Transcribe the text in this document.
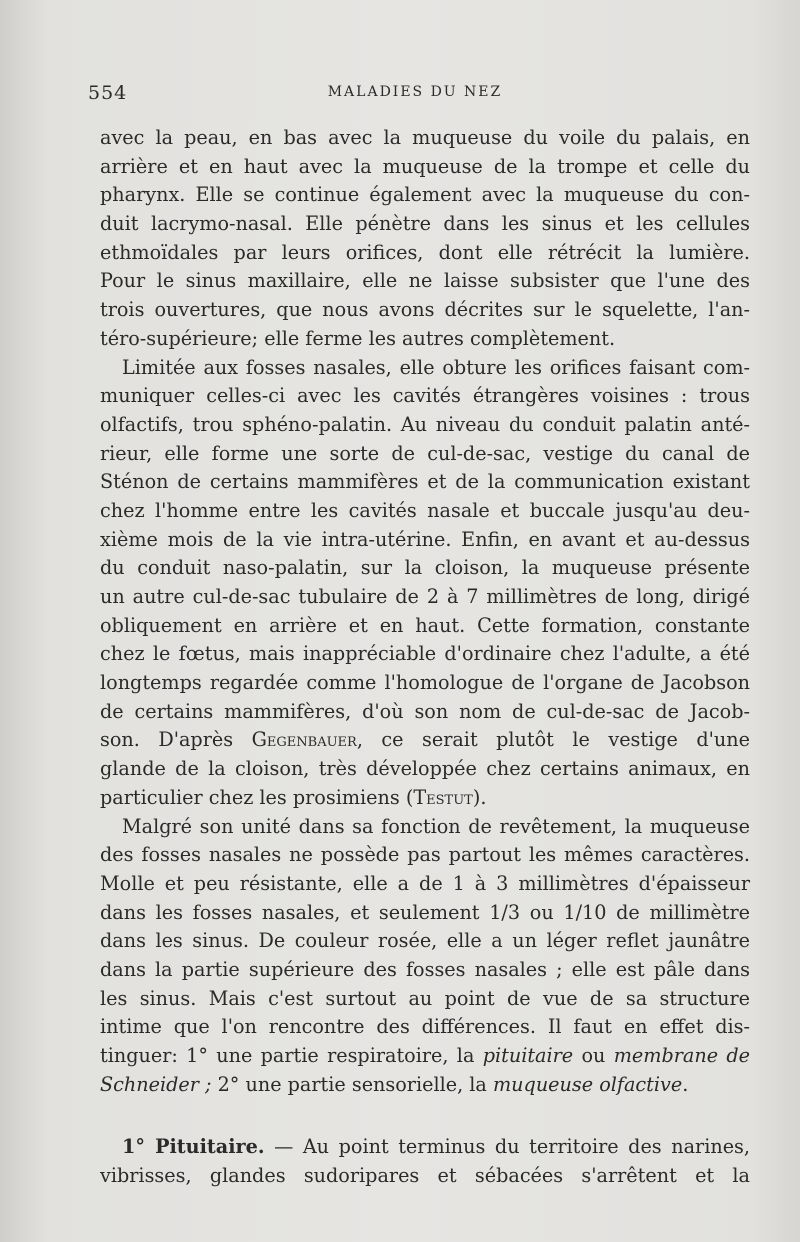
554	MALADIES DU NEZ
avec la peau, en bas avec la muqueuse du voile du palais, en
arrière et en haut avec la muqueuse de la trompe et celle du
pharynx. Elle se continue également avec la muqueuse du con-
duit lacrymo-nasal. Elle pénètre dans les sinus et les cellules
ethmoïdales par leurs orifices, dont elle rétrécit la lumière.
Pour le sinus maxillaire, elle ne laisse subsister que l'une des
trois ouvertures, que nous avons décrites sur le squelette, l'an-
téro-supérieure; elle ferme les autres complètement.
Limitée aux fosses nasales, elle obture les orifices faisant com-
muniquer celles-ci avec les cavités étrangères voisines : trous
olfactifs, trou sphéno-palatin. Au niveau du conduit palatin anté-
rieur, elle forme une sorte de cul-de-sac, vestige du canal de
Sténon de certains mammifères et de la communication existant
chez l'homme entre les cavités nasale et buccale jusqu'au deu-
xième mois de la vie intra-utérine. Enfin, en avant et au-dessus
du conduit naso-palatin, sur la cloison, la muqueuse présente
un autre cul-de-sac tubulaire de 2 à 7 millimètres de long, dirigé
obliquement en arrière et en haut. Cette formation, constante
chez le fœtus, mais inappréciable d'ordinaire chez l'adulte, a été
longtemps regardée comme l'homologue de l'organe de Jacobson
de certains mammifères, d'où son nom de cul-de-sac de Jacob-
son. D'après Gegenbauer, ce serait plutôt le vestige d'une
glande de la cloison, très développée chez certains animaux, en
particulier chez les prosimiens (Testut).
Malgré son unité dans sa fonction de revêtement, la muqueuse
des fosses nasales ne possède pas partout les mêmes caractères.
Molle et peu résistante, elle a de 1 à 3 millimètres d'épaisseur
dans les fosses nasales, et seulement 1/3 ou 1/10 de millimètre
dans les sinus. De couleur rosée, elle a un léger reflet jaunâtre
dans la partie supérieure des fosses nasales ; elle est pâle dans
les sinus. Mais c'est surtout au point de vue de sa structure
intime que l'on rencontre des différences. Il faut en effet dis-
tinguer: 1° une partie respiratoire, la pituitaire ou membrane de
Schneider ; 2° une partie sensorielle, la muqueuse olfactive.
1° Pituitaire. — Au point terminus du territoire des narines,
vibrisses, glandes sudoripares et sébacées s'arrêtent et la
